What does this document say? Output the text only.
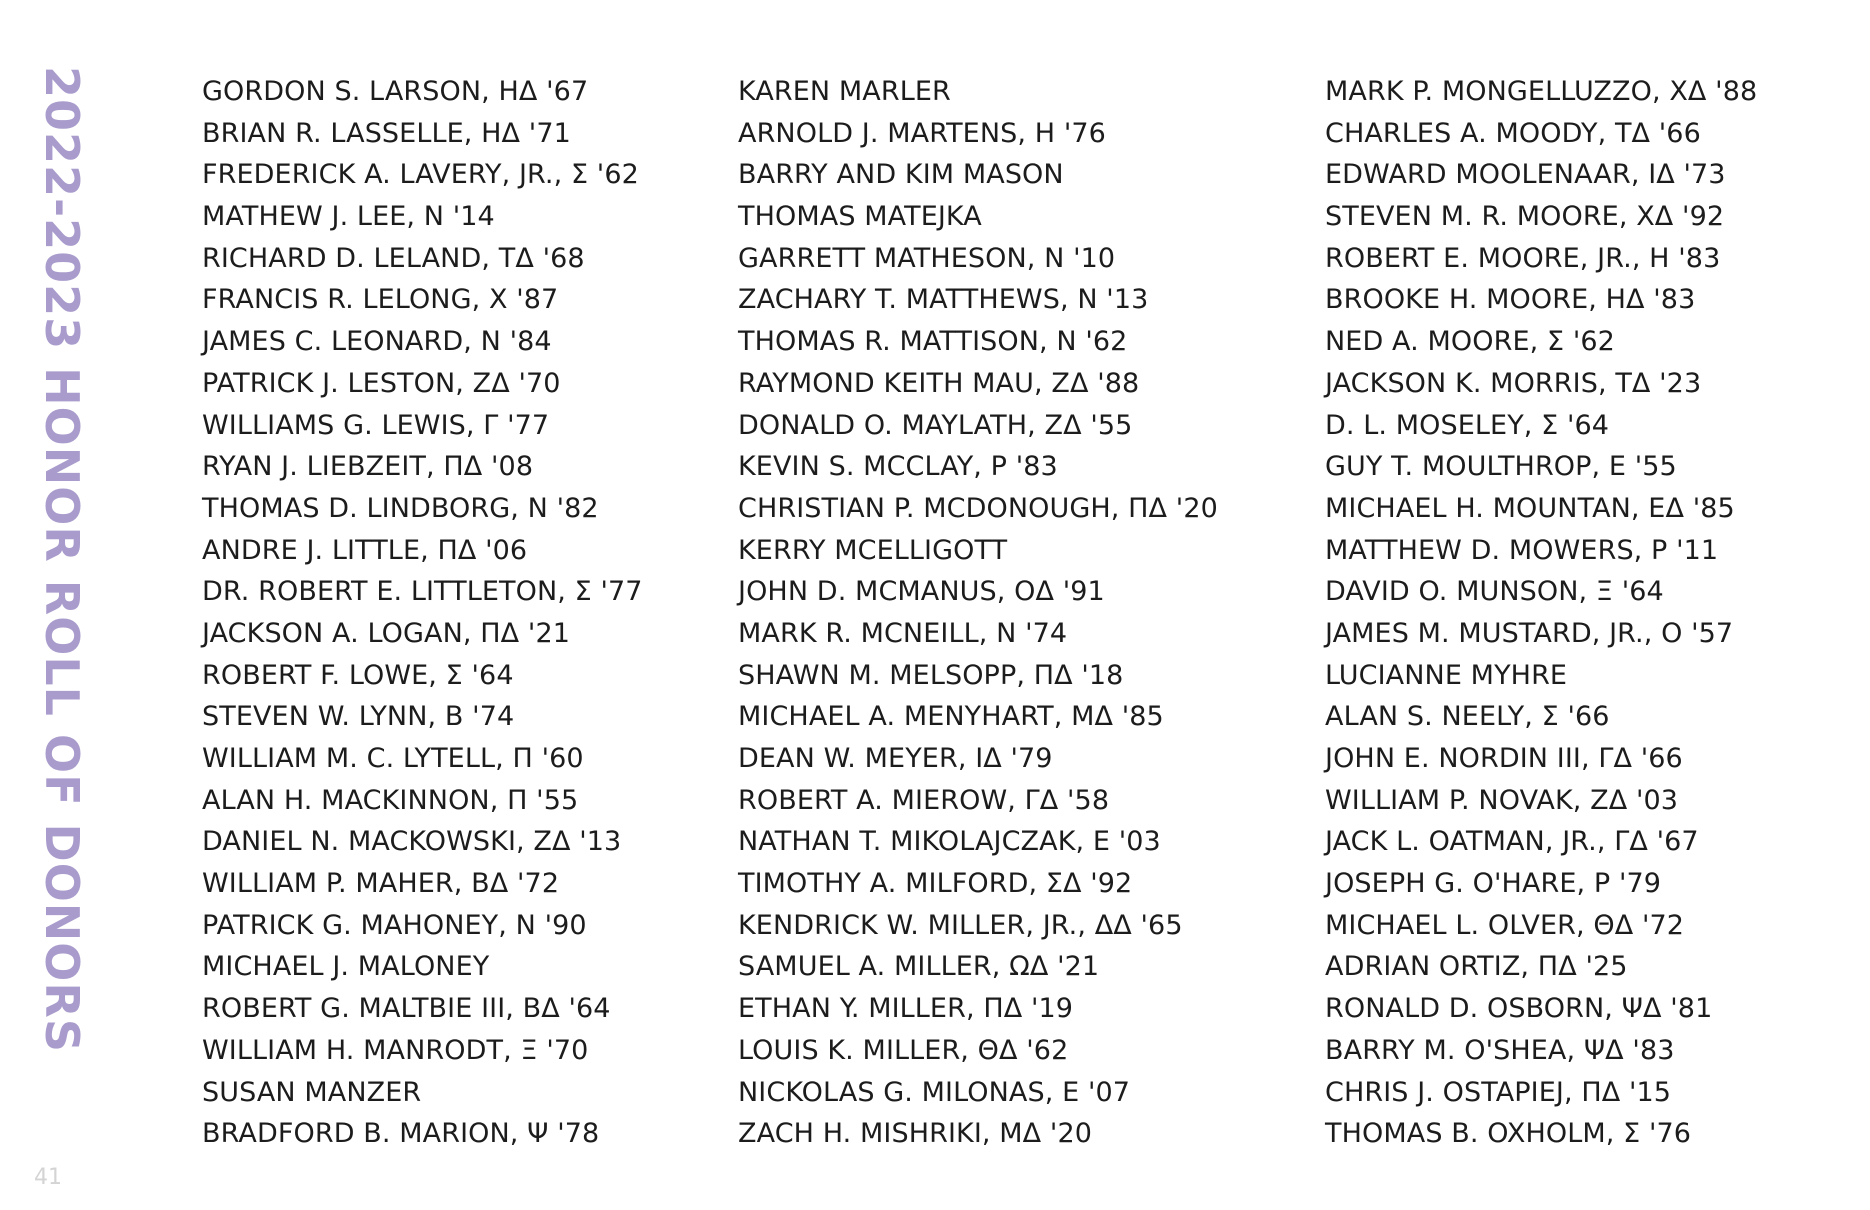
2022-2023 HONOR ROLL OF DONORS	GORDON S. LARSON, ΗΔ '67
BRIAN R. LASSELLE, ΗΔ '71
FREDERICK A. LAVERY, JR., Σ '62
MATHEW J. LEE, N '14
RICHARD D. LELAND, ΤΔ '68
FRANCIS R. LELONG, X '87
JAMES C. LEONARD, N '84
PATRICK J. LESTON, ΖΔ '70
WILLIAMS G. LEWIS, Γ '77
RYAN J. LIEBZEIT, ΠΔ '08
THOMAS D. LINDBORG, N '82
ANDRE J. LITTLE, ΠΔ '06
DR. ROBERT E. LITTLETON, Σ '77
JACKSON A. LOGAN, ΠΔ '21
ROBERT F. LOWE, Σ '64
STEVEN W. LYNN, B '74
WILLIAM M. C. LYTELL, Π '60
ALAN H. MACKINNON, Π '55
DANIEL N. MACKOWSKI, ΖΔ '13
WILLIAM P. MAHER, ΒΔ '72
PATRICK G. MAHONEY, N '90
MICHAEL J. MALONEY
ROBERT G. MALTBIE III, ΒΔ '64
WILLIAM H. MANRODT, Ξ '70
SUSAN MANZER
BRADFORD B. MARION, Ψ '78
KAREN MARLER
ARNOLD J. MARTENS, H '76
BARRY AND KIM MASON
THOMAS MATEJKA
GARRETT MATHESON, N '10
ZACHARY T. MATTHEWS, N '13
THOMAS R. MATTISON, N '62
RAYMOND KEITH MAU, ΖΔ '88
DONALD O. MAYLATH, ΖΔ '55
KEVIN S. MCCLAY, P '83
CHRISTIAN P. MCDONOUGH, ΠΔ '20
KERRY MCELLIGOTT
JOHN D. MCMANUS, ΟΔ '91
MARK R. MCNEILL, N '74
SHAWN M. MELSOPP, ΠΔ '18
MICHAEL A. MENYHART, ΜΔ '85
DEAN W. MEYER, ΙΔ '79
ROBERT A. MIEROW, ΓΔ '58
NATHAN T. MIKOLAJCZAK, E '03
TIMOTHY A. MILFORD, ΣΔ '92
KENDRICK W. MILLER, JR., ΔΔ '65
SAMUEL A. MILLER, ΩΔ '21
ETHAN Y. MILLER, ΠΔ '19
LOUIS K. MILLER, ΘΔ '62
NICKOLAS G. MILONAS, E '07
ZACH H. MISHRIKI, ΜΔ '20
MARK P. MONGELLUZZO, ΧΔ '88
CHARLES A. MOODY, ΤΔ '66
EDWARD MOOLENAAR, ΙΔ '73
STEVEN M. R. MOORE, ΧΔ '92
ROBERT E. MOORE, JR., H '83
BROOKE H. MOORE, ΗΔ '83
NED A. MOORE, Σ '62
JACKSON K. MORRIS, ΤΔ '23
D. L. MOSELEY, Σ '64
GUY T. MOULTHROP, E '55
MICHAEL H. MOUNTAN, ΕΔ '85
MATTHEW D. MOWERS, P '11
DAVID O. MUNSON, Ξ '64
JAMES M. MUSTARD, JR., O '57
LUCIANNE MYHRE
ALAN S. NEELY, Σ '66
JOHN E. NORDIN III, ΓΔ '66
WILLIAM P. NOVAK, ΖΔ '03
JACK L. OATMAN, JR., ΓΔ '67
JOSEPH G. O'HARE, P '79
MICHAEL L. OLVER, ΘΔ '72
ADRIAN ORTIZ, ΠΔ '25
RONALD D. OSBORN, ΨΔ '81
BARRY M. O'SHEA, ΨΔ '83
CHRIS J. OSTAPIEJ, ΠΔ '15
THOMAS B. OXHOLM, Σ '76
41
